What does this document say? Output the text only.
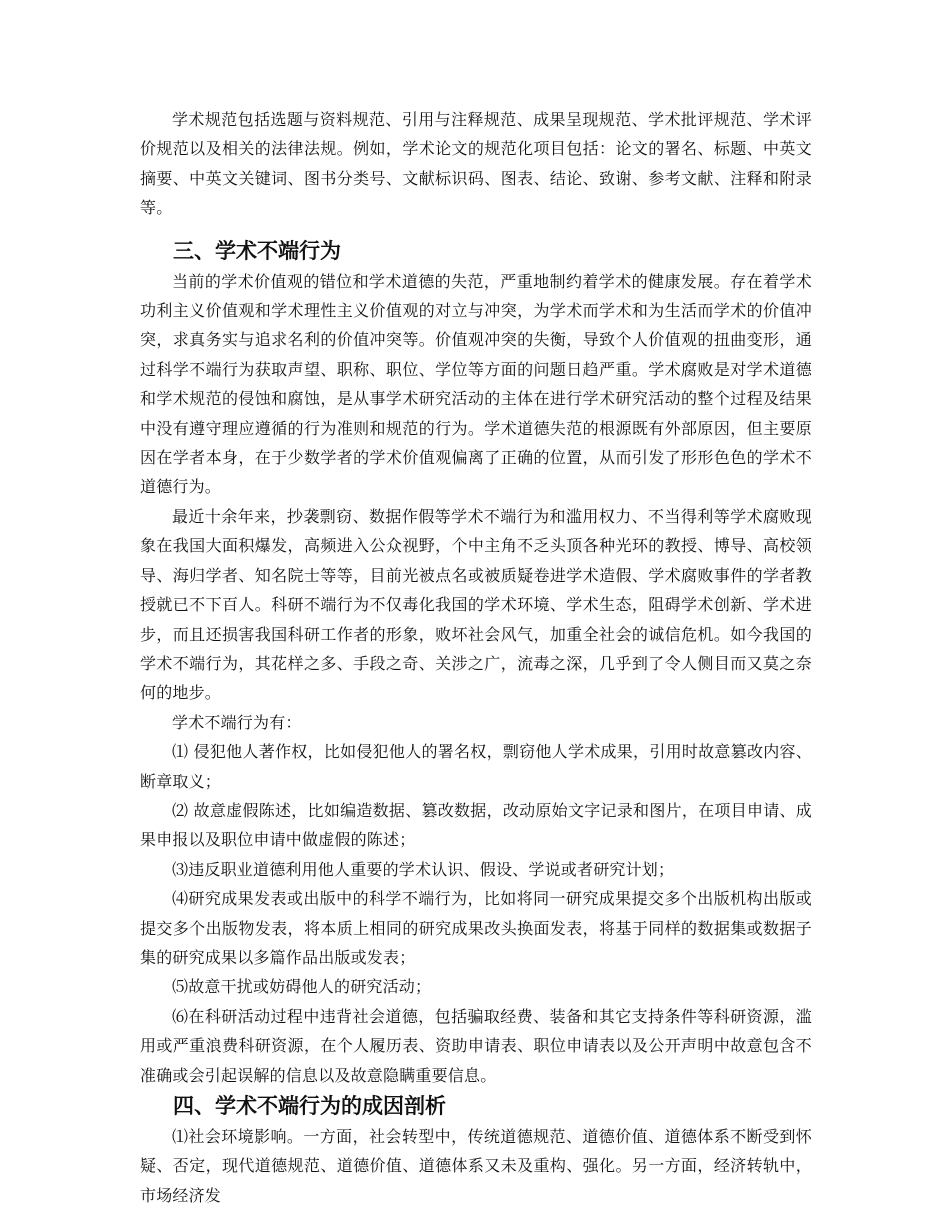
学术规范包括选题与资料规范、引用与注释规范、成果呈现规范、学术批评规范、学术评价规范以及相关的法律法规。例如，学术论文的规范化项目包括：论文的署名、标题、中英文摘要、中英文关键词、图书分类号、文献标识码、图表、结论、致谢、参考文献、注释和附录等。

三、学术不端行为

当前的学术价值观的错位和学术道德的失范，严重地制约着学术的健康发展。存在着学术功利主义价值观和学术理性主义价值观的对立与冲突，为学术而学术和为生活而学术的价值冲突，求真务实与追求名利的价值冲突等。价值观冲突的失衡，导致个人价值观的扭曲变形，通过科学不端行为获取声望、职称、职位、学位等方面的问题日趋严重。学术腐败是对学术道德和学术规范的侵蚀和腐蚀，是从事学术研究活动的主体在进行学术研究活动的整个过程及结果中没有遵守理应遵循的行为准则和规范的行为。学术道德失范的根源既有外部原因，但主要原因在学者本身，在于少数学者的学术价值观偏离了正确的位置，从而引发了形形色色的学术不道德行为。

最近十余年来，抄袭剽窃、数据作假等学术不端行为和滥用权力、不当得利等学术腐败现象在我国大面积爆发，高频进入公众视野，个中主角不乏头顶各种光环的教授、博导、高校领导、海归学者、知名院士等等，目前光被点名或被质疑卷进学术造假、学术腐败事件的学者教授就已不下百人。科研不端行为不仅毒化我国的学术环境、学术生态，阻碍学术创新、学术进步，而且还损害我国科研工作者的形象，败坏社会风气，加重全社会的诚信危机。如今我国的学术不端行为，其花样之多、手段之奇、关涉之广，流毒之深，几乎到了令人侧目而又莫之奈何的地步。

学术不端行为有：

⑴ 侵犯他人著作权，比如侵犯他人的署名权，剽窃他人学术成果，引用时故意篡改内容、断章取义；

⑵ 故意虚假陈述，比如编造数据、篡改数据，改动原始文字记录和图片，在项目申请、成果申报以及职位申请中做虚假的陈述；

⑶违反职业道德利用他人重要的学术认识、假设、学说或者研究计划；

⑷研究成果发表或出版中的科学不端行为，比如将同一研究成果提交多个出版机构出版或提交多个出版物发表，将本质上相同的研究成果改头换面发表，将基于同样的数据集或数据子集的研究成果以多篇作品出版或发表；

⑸故意干扰或妨碍他人的研究活动；

⑹在科研活动过程中违背社会道德，包括骗取经费、装备和其它支持条件等科研资源，滥用或严重浪费科研资源，在个人履历表、资助申请表、职位申请表以及公开声明中故意包含不准确或会引起误解的信息以及故意隐瞒重要信息。

四、学术不端行为的成因剖析

⑴社会环境影响。一方面，社会转型中，传统道德规范、道德价值、道德体系不断受到怀疑、否定，现代道德规范、道德价值、道德体系又未及重构、强化。另一方面，经济转轨中，市场经济发
